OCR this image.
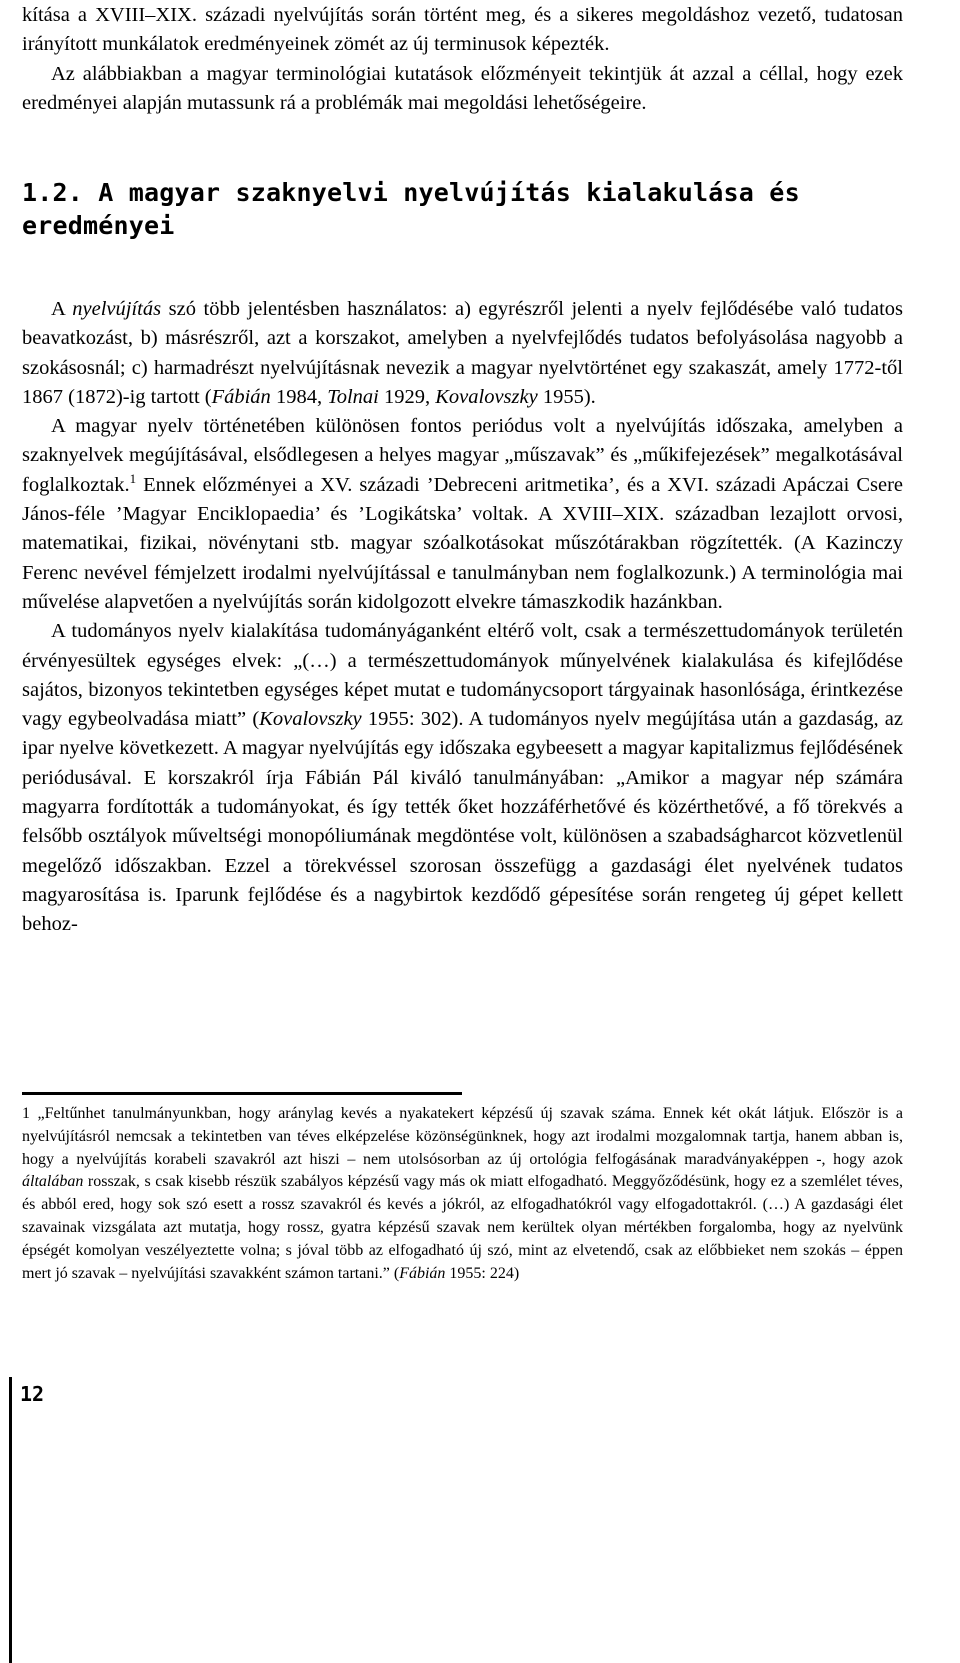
kítása a XVIII–XIX. századi nyelvújítás során történt meg, és a sikeres megoldáshoz vezető, tudatosan irányított munkálatok eredményeinek zömét az új terminusok képezték.

Az alábbiakban a magyar terminológiai kutatások előzményeit tekintjük át azzal a céllal, hogy ezek eredményei alapján mutassunk rá a problémák mai megoldási lehetőségeire.

1.2. A magyar szaknyelvi nyelvújítás kialakulása és eredményei

A nyelvújítás szó több jelentésben használatos: a) egyrészről jelenti a nyelv fejlődésébe való tudatos beavatkozást, b) másrészről, azt a korszakot, amelyben a nyelvfejlődés tudatos befolyásolása nagyobb a szokásosnál; c) harmadrészt nyelvújításnak nevezik a magyar nyelvtörténet egy szakaszát, amely 1772-től 1867 (1872)-ig tartott (Fábián 1984, Tolnai 1929, Kovalovszky 1955).

A magyar nyelv történetében különösen fontos periódus volt a nyelvújítás időszaka, amelyben a szaknyelvek megújításával, elsődlegesen a helyes magyar „műszavak” és „műkifejezések” megalkotásával foglalkoztak.$^1$ Ennek előzményei a XV. századi ’Debreceni aritmetika’, és a XVI. századi Apáczai Csere János-féle ’Magyar Enciklopaedia’ és ’Logikátska’ voltak. A XVIII–XIX. században lezajlott orvosi, matematikai, fizikai, növénytani stb. magyar szóalkotásokat műszótárakban rögzítették. (A Kazinczy Ferenc nevével fémjelzett irodalmi nyelvújítással e tanulmányban nem foglalkozunk.) A terminológia mai művelése alapvetően a nyelvújítás során kidolgozott elvekre támaszkodik hazánkban.

A tudományos nyelv kialakítása tudományáganként eltérő volt, csak a természettudományok területén érvényesültek egységes elvek: „(…) a természettudományok műnyelvének kialakulása és kifejlődése sajátos, bizonyos tekintetben egységes képet mutat e tudománycsoport tárgyainak hasonlósága, érintkezése vagy egybeolvadása miatt” (Kovalovszky 1955: 302). A tudományos nyelv megújítása után a gazdaság, az ipar nyelve következett. A magyar nyelvújítás egy időszaka egybeesett a magyar kapitalizmus fejlődésének periódusával. E korszakról írja Fábián Pál kiváló tanulmányában: „Amikor a magyar nép számára magyarra fordították a tudományokat, és így tették őket hozzáférhetővé és közérthetővé, a fő törekvés a felsőbb osztályok műveltségi monopóliumának megdöntése volt, különösen a szabadságharcot közvetlenül megelőző időszakban. Ezzel a törekvéssel szorosan összefügg a gazdasági élet nyelvének tudatos magyarosítása is. Iparunk fejlődése és a nagybirtok kezdődő gépesítése során rengeteg új gépet kellett behoz-

1 „Feltűnhet tanulmányunkban, hogy aránylag kevés a nyakatekert képzésű új szavak száma. Ennek két okát látjuk. Először is a nyelvújításról nemcsak a tekintetben van téves elképzelése közönségünknek, hogy azt irodalmi mozgalomnak tartja, hanem abban is, hogy a nyelvújítás korabeli szavakról azt hiszi – nem utolsósorban az új ortológia felfogásának maradványaképpen -, hogy azok általában rosszak, s csak kisebb részük szabályos képzésű vagy más ok miatt elfogadható. Meggyőződésünk, hogy ez a szemlélet téves, és abból ered, hogy sok szó esett a rossz szavakról és kevés a jókról, az elfogadhatókról vagy elfogadottakról. (…) A gazdasági élet szavainak vizsgálata azt mutatja, hogy rossz, gyatra képzésű szavak nem kerültek olyan mértékben forgalomba, hogy az nyelvünk épségét komolyan veszélyeztette volna; s jóval több az elfogadható új szó, mint az elvetendő, csak az előbbieket nem szokás – éppen mert jó szavak – nyelvújítási szavakként számon tartani.” (Fábián 1955: 224)

12
